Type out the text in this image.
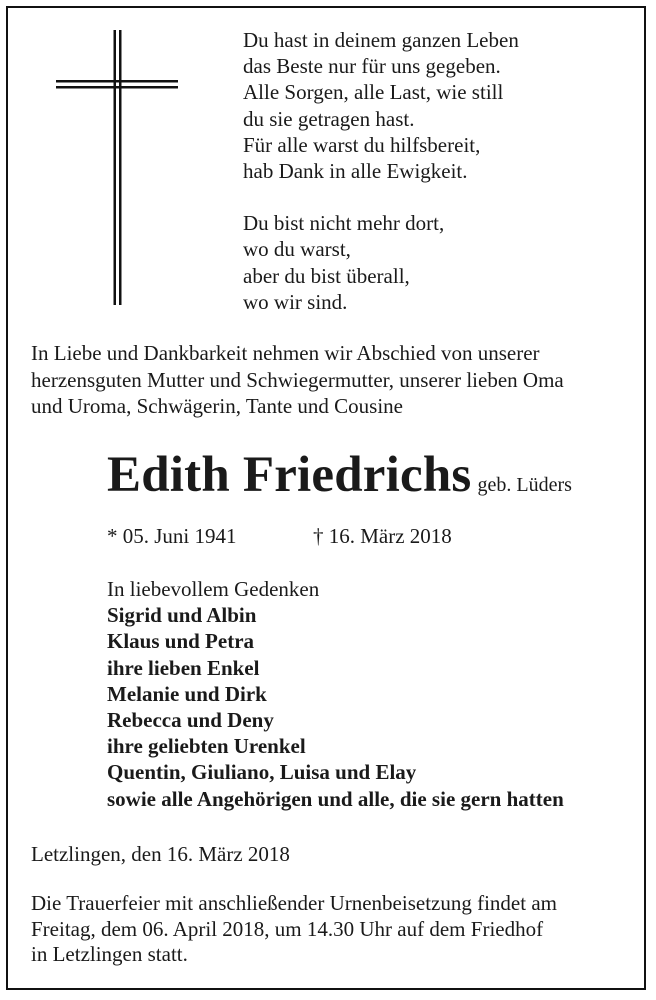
Du hast in deinem ganzen Leben
das Beste nur für uns gegeben.
Alle Sorgen, alle Last, wie still
du sie getragen hast.
Für alle warst du hilfsbereit,
hab Dank in alle Ewigkeit.
Du bist nicht mehr dort,
wo du warst,
aber du bist überall,
wo wir sind.
In Liebe und Dankbarkeit nehmen wir Abschied von unserer
herzensguten Mutter und Schwiegermutter, unserer lieben Oma
und Uroma, Schwägerin, Tante und Cousine
Edith Friedrichs geb. Lüders
* 05. Juni 1941	† 16. März 2018
In liebevollem Gedenken
Sigrid und Albin
Klaus und Petra
ihre lieben Enkel
Melanie und Dirk
Rebecca und Deny
ihre geliebten Urenkel
Quentin, Giuliano, Luisa und Elay
sowie alle Angehörigen und alle, die sie gern hatten
Letzlingen, den 16. März 2018
Die Trauerfeier mit anschließender Urnenbeisetzung findet am
Freitag, dem 06. April 2018, um 14.30 Uhr auf dem Friedhof
in Letzlingen statt.
